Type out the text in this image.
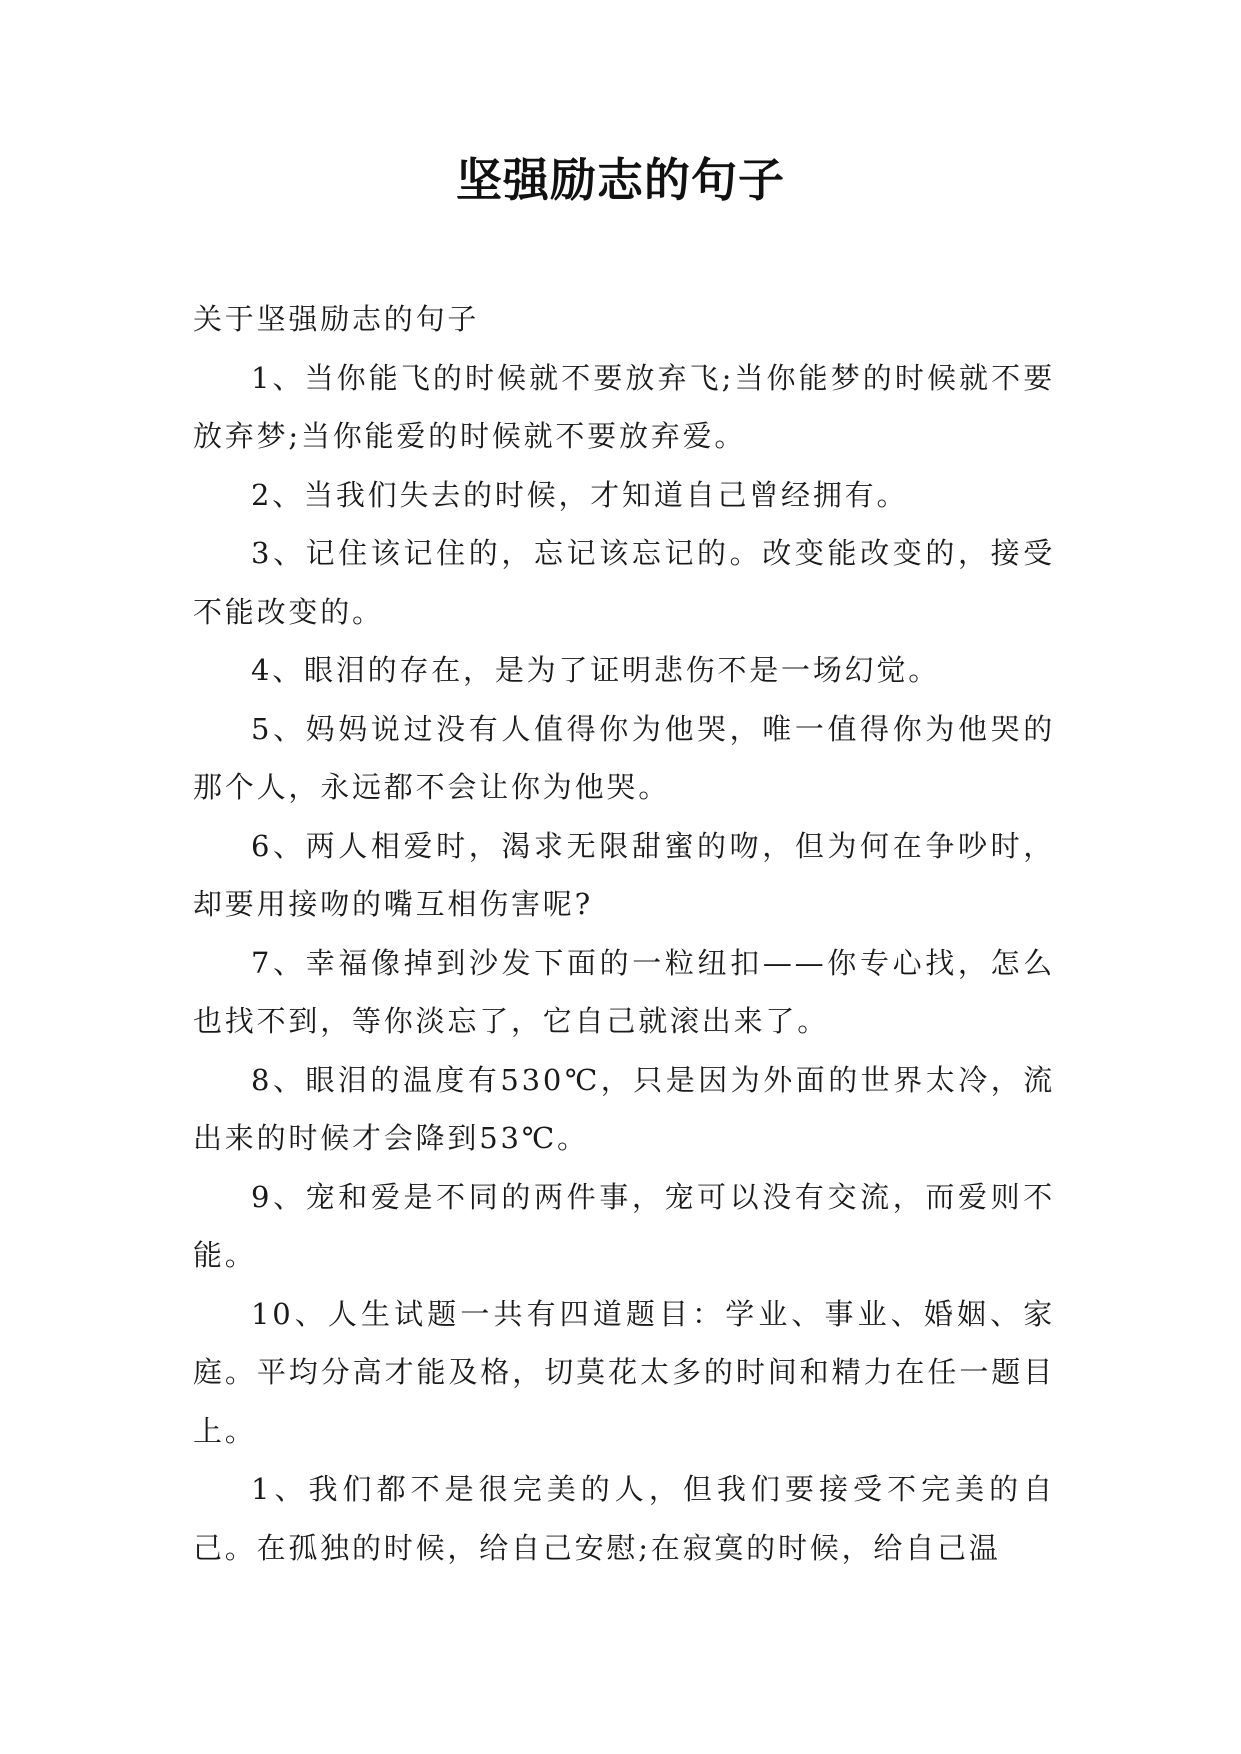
坚强励志的句子

关于坚强励志的句子

1、当你能飞的时候就不要放弃飞;当你能梦的时候就不要放弃梦;当你能爱的时候就不要放弃爱。

2、当我们失去的时候，才知道自己曾经拥有。

3、记住该记住的，忘记该忘记的。改变能改变的，接受不能改变的。

4、眼泪的存在，是为了证明悲伤不是一场幻觉。

5、妈妈说过没有人值得你为他哭，唯一值得你为他哭的那个人，永远都不会让你为他哭。

6、两人相爱时，渴求无限甜蜜的吻，但为何在争吵时，却要用接吻的嘴互相伤害呢?

7、幸福像掉到沙发下面的一粒纽扣——你专心找，怎么也找不到，等你淡忘了，它自己就滚出来了。

8、眼泪的温度有530℃，只是因为外面的世界太冷，流出来的时候才会降到53℃。

9、宠和爱是不同的两件事，宠可以没有交流，而爱则不能。

10、人生试题一共有四道题目：学业、事业、婚姻、家庭。平均分高才能及格，切莫花太多的时间和精力在任一题目上。

1、我们都不是很完美的人，但我们要接受不完美的自己。在孤独的时候，给自己安慰;在寂寞的时候，给自己温
